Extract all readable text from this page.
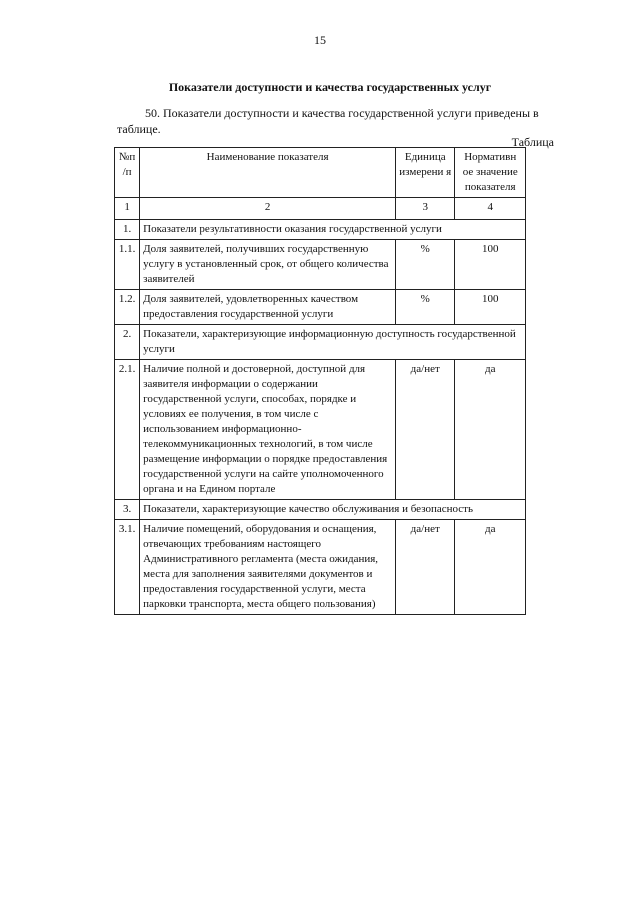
15
Показатели доступности и качества государственных услуг

50. Показатели доступности и качества государственной услуги приведены в таблице.

Таблица
№п /п	Наименование показателя	Единица измерени я	Нормативн ое значение показателя
1	2	3	4
1.	Показатели результативности оказания государственной услуги		
1.1.	Доля заявителей, получивших государственную услугу в установленный срок, от общего количества заявителей	%	100
1.2.	Доля заявителей, удовлетворенных качеством предоставления государственной услуги	%	100
2.	Показатели, характеризующие информационную доступность государственной услуги		
2.1.	Наличие полной и достоверной, доступной для заявителя информации о содержании государственной услуги, способах, порядке и условиях ее получения, в том числе с использованием информационно-телекоммуникационных технологий, в том числе размещение информации о порядке предоставления государственной услуги на сайте уполномоченного органа и на Едином портале	да/нет	да
3.	Показатели, характеризующие качество обслуживания и безопасность		
3.1.	Наличие помещений, оборудования и оснащения, отвечающих требованиям настоящего Административного регламента (места ожидания, места для заполнения заявителями документов и предоставления государственной услуги, места парковки транспорта, места общего пользования)	да/нет	да
